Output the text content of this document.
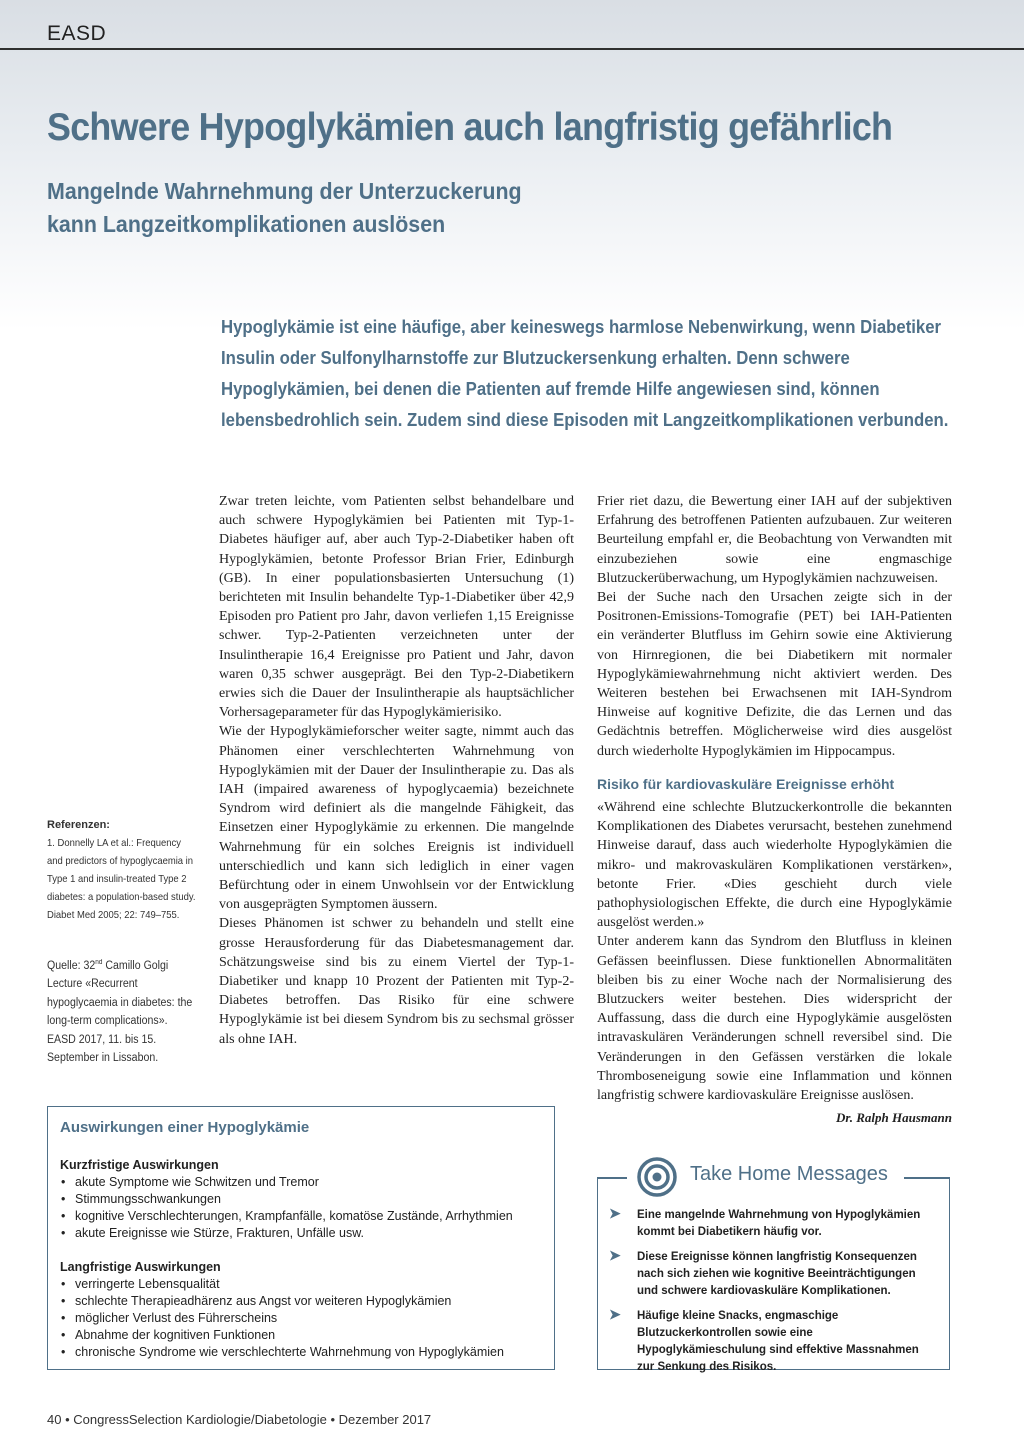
EASD
Schwere Hypoglykämien auch langfristig gefährlich
Mangelnde Wahrnehmung der Unterzuckerung
kann Langzeitkomplikationen auslösen
Hypoglykämie ist eine häufige, aber keineswegs harmlose Nebenwirkung, wenn Diabetiker Insulin oder Sulfonylharnstoffe zur Blutzuckersenkung erhalten. Denn schwere Hypoglykämien, bei denen die Patienten auf fremde Hilfe angewiesen sind, können lebensbedrohlich sein. Zudem sind diese Episoden mit Langzeitkomplikationen verbunden.

Zwar treten leichte, vom Patienten selbst behandelbare und auch schwere Hypoglykämien bei Patienten mit Typ-1-Diabetes häufiger auf, aber auch Typ-2-Diabetiker haben oft Hypoglykämien, betonte Professor Brian Frier, Edinburgh (GB). In einer populationsbasierten Untersuchung (1) berichteten mit Insulin behandelte Typ-1-Diabetiker über 42,9 Episoden pro Patient pro Jahr, davon verliefen 1,15 Ereignisse schwer. Typ-2-Patienten verzeichneten unter der Insulintherapie 16,4 Ereignisse pro Patient und Jahr, davon waren 0,35 schwer ausgeprägt. Bei den Typ-2-Diabetikern erwies sich die Dauer der Insulintherapie als hauptsächlicher Vorhersageparameter für das Hypoglykämierisiko.

Wie der Hypoglykämieforscher weiter sagte, nimmt auch das Phänomen einer verschlechterten Wahrnehmung von Hypoglykämien mit der Dauer der Insulintherapie zu. Das als IAH (impaired awareness of hypoglycaemia) bezeichnete Syndrom wird definiert als die mangelnde Fähigkeit, das Einsetzen einer Hypoglykämie zu erkennen. Die mangelnde Wahrnehmung für ein solches Ereignis ist individuell unterschiedlich und kann sich lediglich in einer vagen Befürchtung oder in einem Unwohlsein vor der Entwicklung von ausgeprägten Symptomen äussern.

Dieses Phänomen ist schwer zu behandeln und stellt eine grosse Herausforderung für das Diabetesmanagement dar. Schätzungsweise sind bis zu einem Viertel der Typ-1-Diabetiker und knapp 10 Prozent der Patienten mit Typ-2-Diabetes betroffen. Das Risiko für eine schwere Hypoglykämie ist bei diesem Syndrom bis zu sechsmal grösser als ohne IAH.

Frier riet dazu, die Bewertung einer IAH auf der subjektiven Erfahrung des betroffenen Patienten aufzubauen. Zur weiteren Beurteilung empfahl er, die Beobachtung von Verwandten mit einzubeziehen sowie eine engmaschige Blutzuckerüberwachung, um Hypoglykämien nachzuweisen.

Bei der Suche nach den Ursachen zeigte sich in der Positronen-Emissions-Tomografie (PET) bei IAH-Patienten ein veränderter Blutfluss im Gehirn sowie eine Aktivierung von Hirnregionen, die bei Diabetikern mit normaler Hypoglykämiewahrnehmung nicht aktiviert werden. Des Weiteren bestehen bei Erwachsenen mit IAH-Syndrom Hinweise auf kognitive Defizite, die das Lernen und das Gedächtnis betreffen. Möglicherweise wird dies ausgelöst durch wiederholte Hypoglykämien im Hippocampus.

Risiko für kardiovaskuläre Ereignisse erhöht

«Während eine schlechte Blutzuckerkontrolle die bekannten Komplikationen des Diabetes verursacht, bestehen zunehmend Hinweise darauf, dass auch wiederholte Hypoglykämien die mikro- und makrovaskulären Komplikationen verstärken», betonte Frier. «Dies geschieht durch viele pathophysiologischen Effekte, die durch eine Hypoglykämie ausgelöst werden.»

Unter anderem kann das Syndrom den Blutfluss in kleinen Gefässen beeinflussen. Diese funktionellen Abnormalitäten bleiben bis zu einer Woche nach der Normalisierung des Blutzuckers weiter bestehen. Dies widerspricht der Auffassung, dass die durch eine Hypoglykämie ausgelösten intravaskulären Veränderungen schnell reversibel sind. Die Veränderungen in den Gefässen verstärken die lokale Thromboseneigung sowie eine Inflammation und können langfristig schwere kardiovaskuläre Ereignisse auslösen.

Dr. Ralph Hausmann

Referenzen:
1. Donnelly LA et al.: Frequency and predictors of hypoglycaemia in Type 1 and insulin-treated Type 2 diabetes: a population-based study. Diabet Med 2005; 22: 749–755.
Quelle: 32nd Camillo Golgi Lecture «Recurrent hypoglycaemia in diabetes: the long-term complications». EASD 2017, 11. bis 15. September in Lissabon.
Auswirkungen einer Hypoglykämie
Kurzfristige Auswirkungen
• akute Symptome wie Schwitzen und Tremor
• Stimmungsschwankungen
• kognitive Verschlechterungen, Krampfanfälle, komatöse Zustände, Arrhythmien
• akute Ereignisse wie Stürze, Frakturen, Unfälle usw.
Langfristige Auswirkungen
• verringerte Lebensqualität
• schlechte Therapieadhärenz aus Angst vor weiteren Hypoglykämien
• möglicher Verlust des Führerscheins
• Abnahme der kognitiven Funktionen
• chronische Syndrome wie verschlechterte Wahrnehmung von Hypoglykämien
Take Home Messages
➤	Eine mangelnde Wahrnehmung von Hypoglykämien kommt bei Diabetikern häufig vor.
➤	Diese Ereignisse können langfristig Konsequenzen nach sich ziehen wie kognitive Beeinträchtigungen und schwere kardiovaskuläre Komplikationen.
➤	Häufige kleine Snacks, engmaschige Blutzuckerkontrollen sowie eine Hypoglykämieschulung sind effektive Massnahmen zur Senkung des Risikos.
40 • CongressSelection Kardiologie/Diabetologie • Dezember 2017
